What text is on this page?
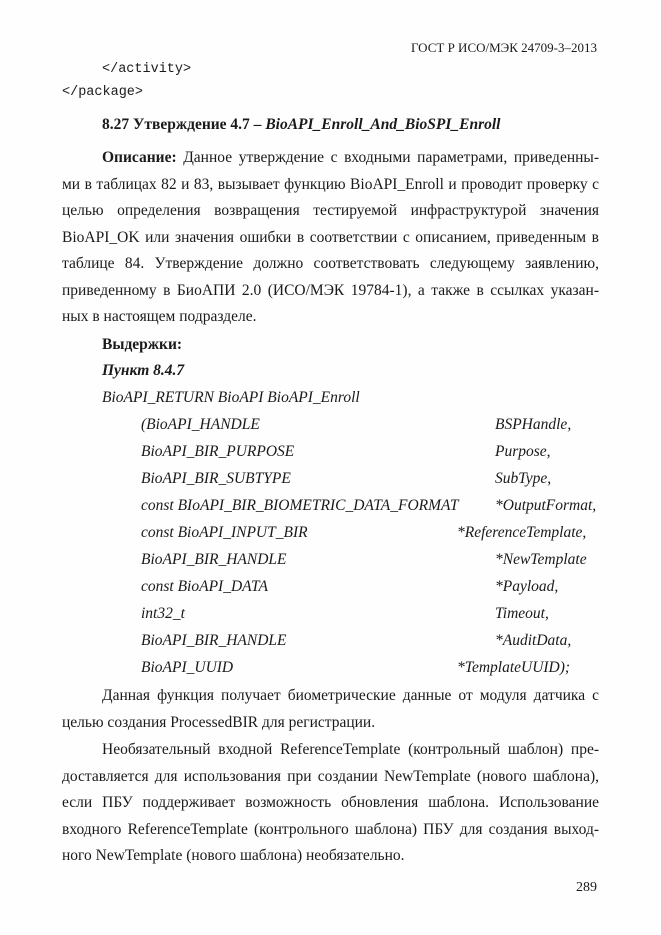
ГОСТ Р ИСО/МЭК 24709-3–2013
</activity>
</package>
8.27 Утверждение 4.7 – BioAPI_Enroll_And_BioSPI_Enroll
Описание: Данное утверждение с входными параметрами, приведенны-
ми в таблицах 82 и 83, вызывает функцию BioAPI_Enroll и проводит проверку с
целью определения возвращения тестируемой инфраструктурой значения
BioAPI_OK или значения ошибки в соответствии с описанием, приведенным в
таблице 84. Утверждение должно соответствовать следующему заявлению,
приведенному в БиоАПИ 2.0 (ИСО/МЭК 19784-1), а также в ссылках указан-
ных в настоящем подразделе.
Выдержки:
Пункт 8.4.7
BioAPI_RETURN BioAPI BioAPI_Enroll
(BioAPI_HANDLE	BSPHandle,
BioAPI_BIR_PURPOSE	Purpose,
BioAPI_BIR_SUBTYPE	SubType,
const BIoAPI_BIR_BIOMETRIC_DATA_FORMAT *OutputFormat,
const BioAPI_INPUT_BIR	*ReferenceTemplate,
BioAPI_BIR_HANDLE	*NewTemplate
const BioAPI_DATA	*Payload,
int32_t	Timeout,
BioAPI_BIR_HANDLE	*AuditData,
BioAPI_UUID	*TemplateUUID);
Данная функция получает биометрические данные от модуля датчика с
целью создания ProcessedBIR для регистрации.
Необязательный входной ReferenceTemplate (контрольный шаблон) пре-
доставляется для использования при создании NewTemplate (нового шаблона),
если ПБУ поддерживает возможность обновления шаблона. Использование
входного ReferenceTemplate (контрольного шаблона) ПБУ для создания выход-
ного NewTemplate (нового шаблона) необязательно.
289
